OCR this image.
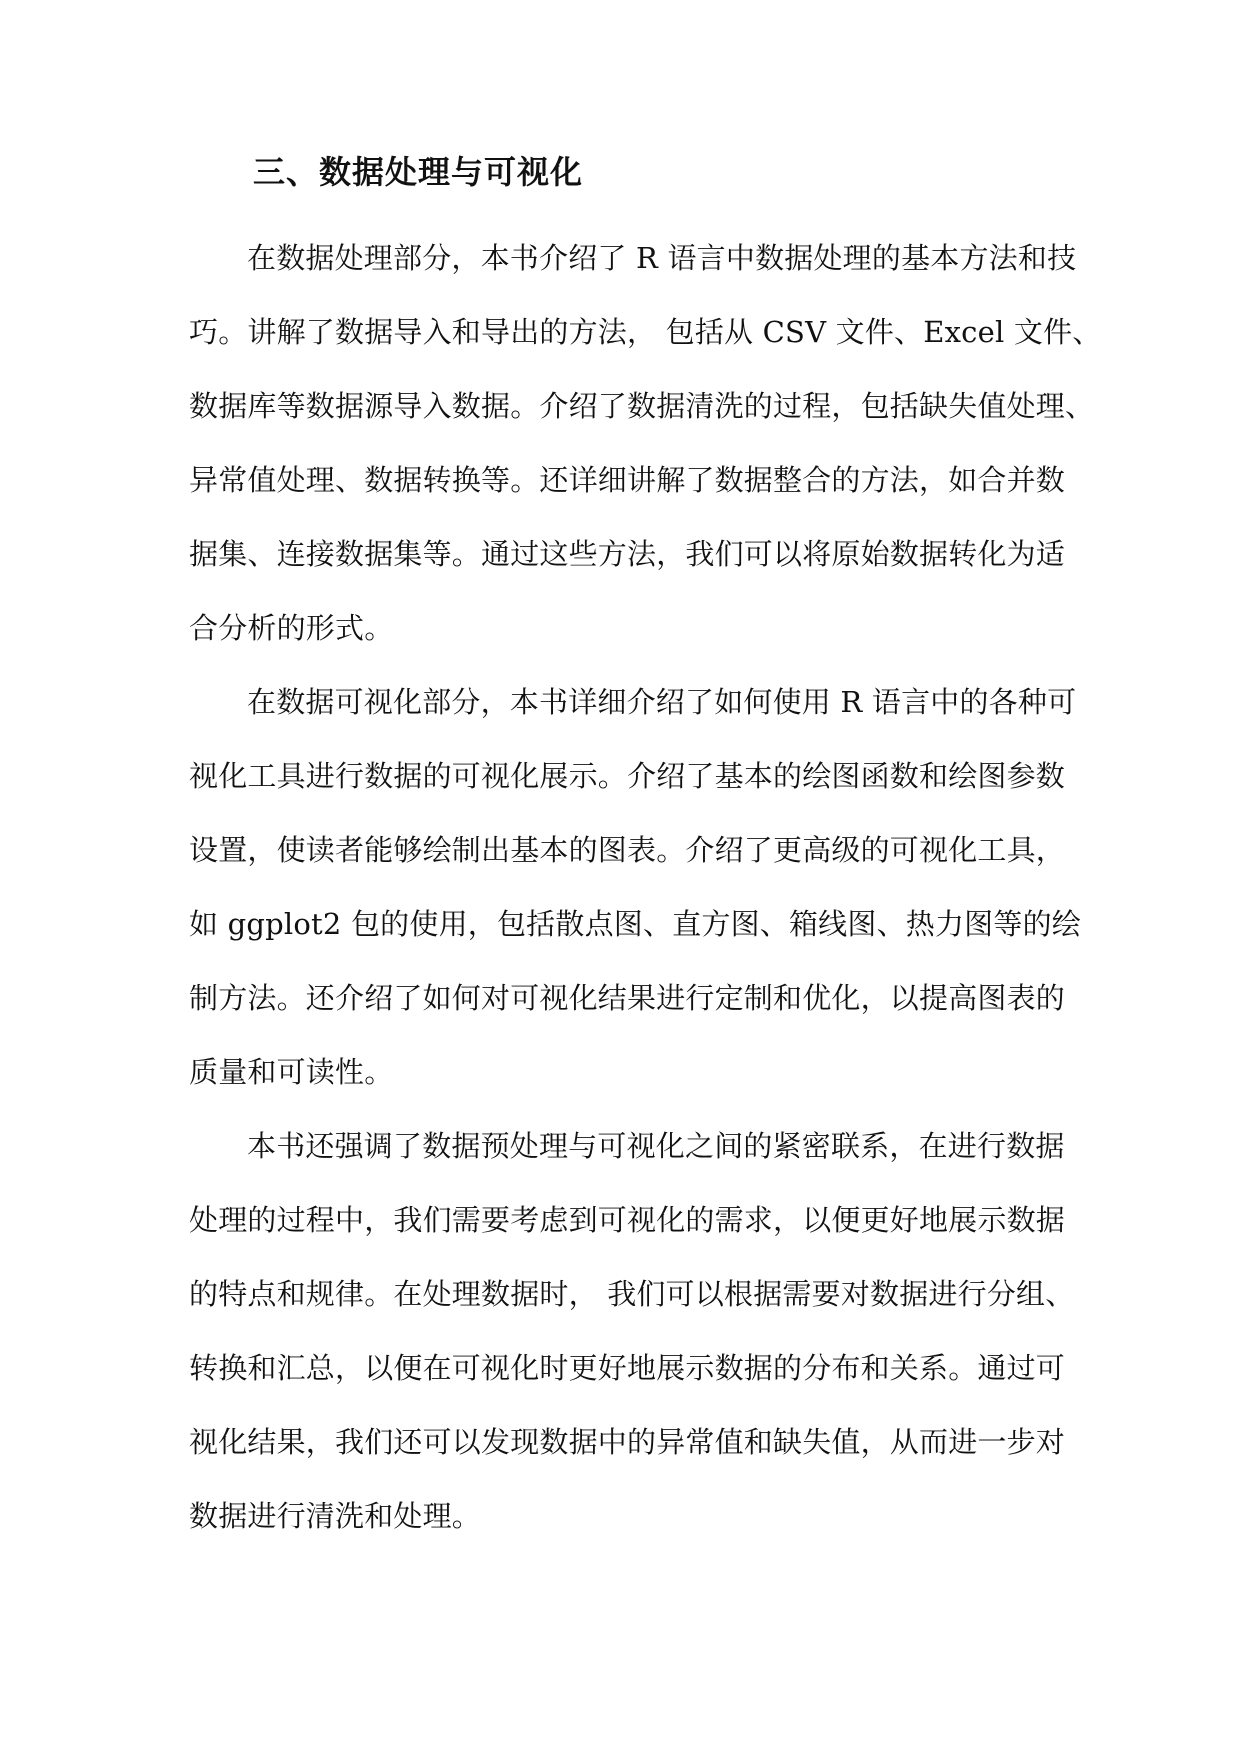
三、数据处理与可视化

在数据处理部分，本书介绍了 R 语言中数据处理的基本方法和技

巧。讲解了数据导入和导出的方法， 包括从 CSV 文件、Excel 文件、

数据库等数据源导入数据。介绍了数据清洗的过程，包括缺失值处理、

异常值处理、数据转换等。还详细讲解了数据整合的方法，如合并数

据集、连接数据集等。通过这些方法，我们可以将原始数据转化为适

合分析的形式。

在数据可视化部分，本书详细介绍了如何使用 R 语言中的各种可

视化工具进行数据的可视化展示。介绍了基本的绘图函数和绘图参数

设置，使读者能够绘制出基本的图表。介绍了更高级的可视化工具，

如 ggplot2 包的使用，包括散点图、直方图、箱线图、热力图等的绘

制方法。还介绍了如何对可视化结果进行定制和优化，以提高图表的

质量和可读性。

本书还强调了数据预处理与可视化之间的紧密联系，在进行数据

处理的过程中，我们需要考虑到可视化的需求，以便更好地展示数据

的特点和规律。在处理数据时， 我们可以根据需要对数据进行分组、

转换和汇总，以便在可视化时更好地展示数据的分布和关系。通过可

视化结果，我们还可以发现数据中的异常值和缺失值，从而进一步对

数据进行清洗和处理。
